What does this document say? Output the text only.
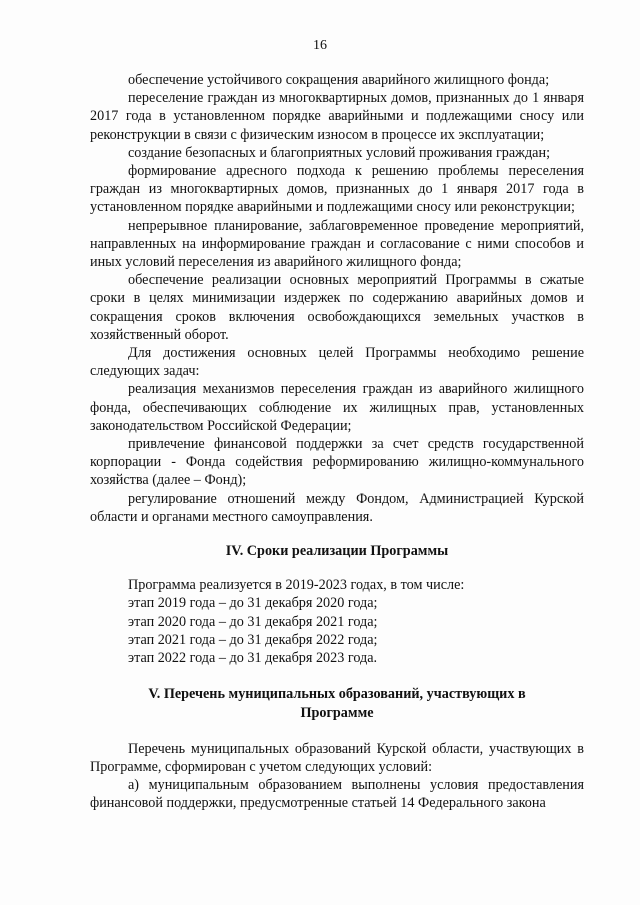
16

обеспечение устойчивого сокращения аварийного жилищного фонда;

переселение граждан из многоквартирных домов, признанных до 1 января 2017 года в установленном порядке аварийными и подлежащими сносу или реконструкции в связи с физическим износом в процессе их эксплуатации;

создание безопасных и благоприятных условий проживания граждан;

формирование адресного подхода к решению проблемы переселения граждан из многоквартирных домов, признанных до 1 января 2017 года в установленном порядке аварийными и подлежащими сносу или реконструкции;

непрерывное планирование, заблаговременное проведение мероприятий, направленных на информирование граждан и согласование с ними способов и иных условий переселения из аварийного жилищного фонда;

обеспечение реализации основных мероприятий Программы в сжатые сроки в целях минимизации издержек по содержанию аварийных домов и сокращения сроков включения освобождающихся земельных участков в хозяйственный оборот.

Для достижения основных целей Программы необходимо решение следующих задач:

реализация механизмов переселения граждан из аварийного жилищного фонда, обеспечивающих соблюдение их жилищных прав, установленных законодательством Российской Федерации;

привлечение финансовой поддержки за счет средств государственной корпорации - Фонда содействия реформированию жилищно-коммунального хозяйства (далее – Фонд);

регулирование отношений между Фондом, Администрацией Курской области и органами местного самоуправления.

IV. Сроки реализации Программы

Программа реализуется в 2019-2023 годах, в том числе:

этап 2019 года – до 31 декабря 2020 года;

этап 2020 года – до 31 декабря 2021 года;

этап 2021 года – до 31 декабря 2022 года;

этап 2022 года – до 31 декабря 2023 года.

V. Перечень муниципальных образований, участвующих в
Программе

Перечень муниципальных образований Курской области, участвующих в Программе, сформирован с учетом следующих условий:

а) муниципальным образованием выполнены условия предоставления финансовой поддержки, предусмотренные статьей 14 Федерального закона
